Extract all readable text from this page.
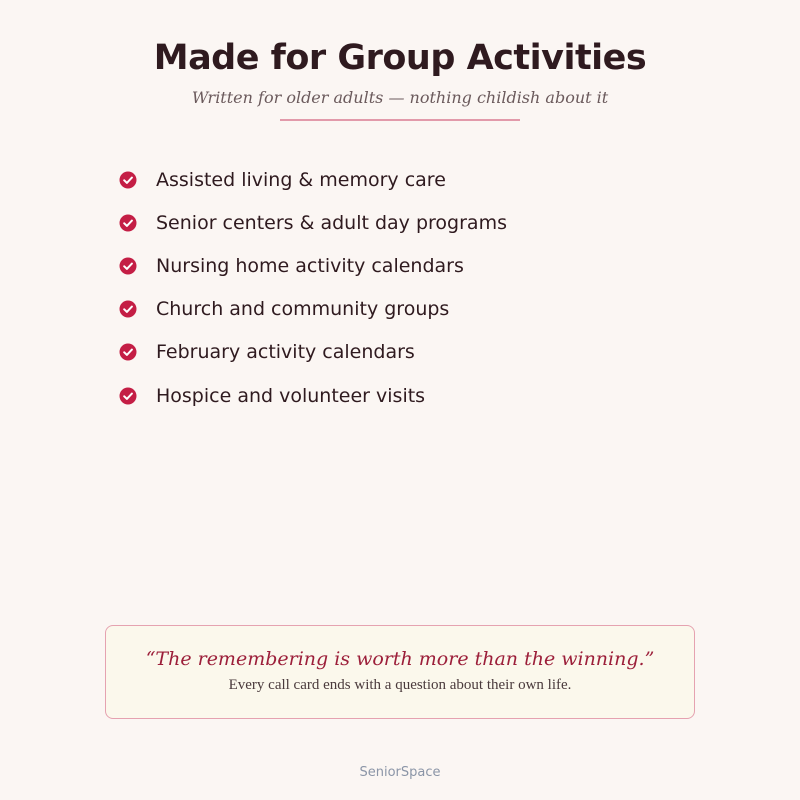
Made for Group Activities
Written for older adults — nothing childish about it
Assisted living & memory care
Senior centers & adult day programs
Nursing home activity calendars
Church and community groups
February activity calendars
Hospice and volunteer visits
“The remembering is worth more than the winning.”
Every call card ends with a question about their own life.
SeniorSpace
